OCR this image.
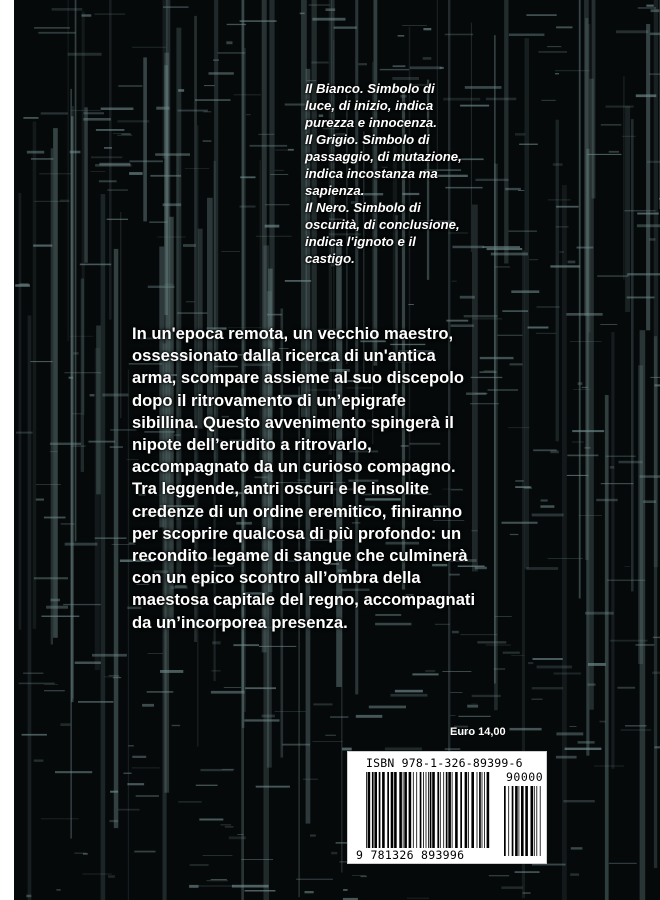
Il Bianco. Simbolo di
luce, di inizio, indica
purezza e innocenza.
Il Grigio. Simbolo di
passaggio, di mutazione,
indica incostanza ma
sapienza.
Il Nero. Simbolo di
oscurità, di conclusione,
indica l'ignoto e il
castigo.
In un'epoca remota, un vecchio maestro,
ossessionato dalla ricerca di un'antica
arma, scompare assieme al suo discepolo
dopo il ritrovamento di un’epigrafe
sibillina. Questo avvenimento spingerà il
nipote dell’erudito a ritrovarlo,
accompagnato da un curioso compagno.
Tra leggende, antri oscuri e le insolite
credenze di un ordine eremitico, finiranno
per scoprire qualcosa di più profondo: un
recondito legame di sangue che culminerà
con un epico scontro all’ombra della
maestosa capitale del regno, accompagnati
da un’incorporea presenza.
Euro 14,00
ISBN 978-1-326-89399-6
90000
9 781326 893996
